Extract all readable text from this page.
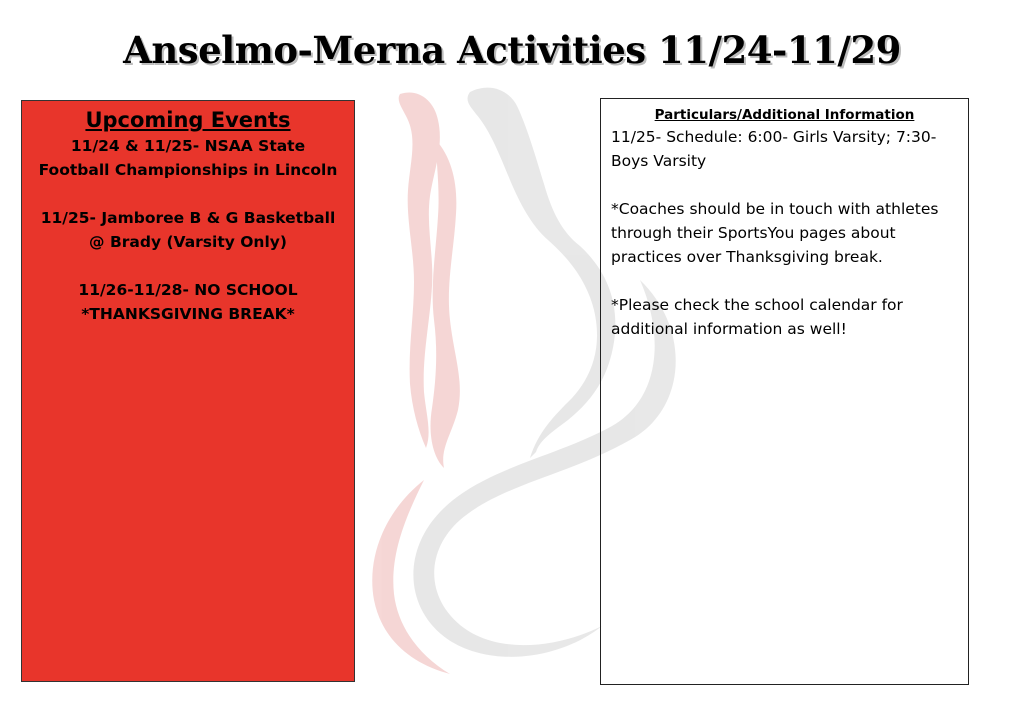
Anselmo-Merna Activities 11/24-11/29
Upcoming Events
11/24 & 11/25- NSAA State Football Championships in Lincoln
11/25- Jamboree B & G Basketball @ Brady (Varsity Only)
11/26-11/28- NO SCHOOL *THANKSGIVING BREAK*
Particulars/Additional Information

11/25- Schedule: 6:00- Girls Varsity; 7:30- Boys Varsity

*Coaches should be in touch with athletes through their SportsYou pages about practices over Thanksgiving break.

*Please check the school calendar for additional information as well!
